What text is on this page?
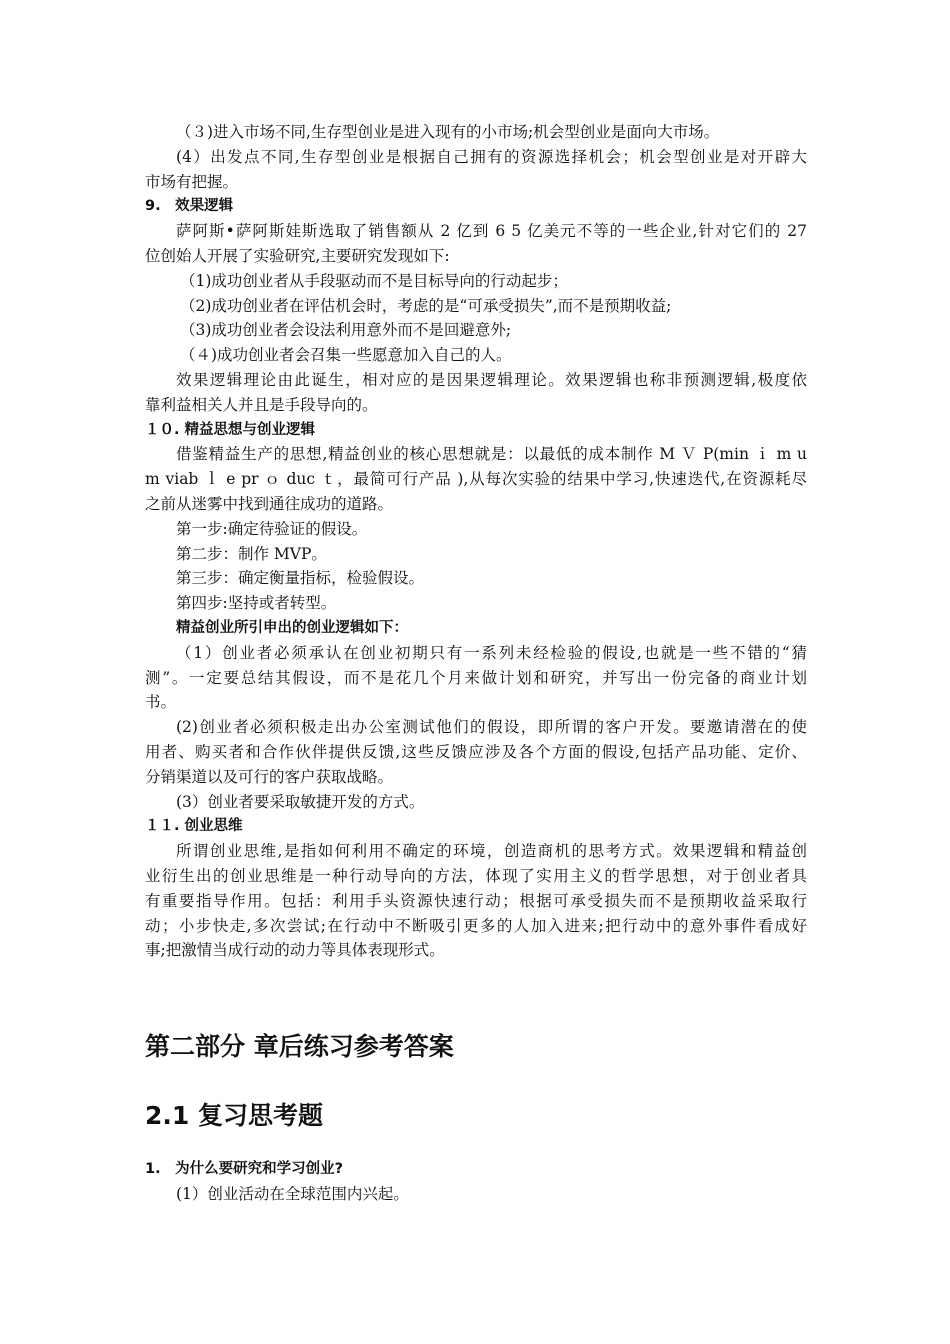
（３)进入市场不同,生存型创业是进入现有的小市场;机会型创业是面向大市场。

(4）出发点不同,生存型创业是根据自己拥有的资源选择机会；机会型创业是对开辟大

市场有把握。

9.　效果逻辑

萨阿斯•萨阿斯娃斯选取了销售额从 2 亿到 6 5 亿美元不等的一些企业,针对它们的 27

位创始人开展了实验研究,主要研究发现如下:

（1)成功创业者从手段驱动而不是目标导向的行动起步；

（2)成功创业者在评估机会时，考虑的是“可承受损失”,而不是预期收益;

（3)成功创业者会设法利用意外而不是回避意外;

（４)成功创业者会召集一些愿意加入自己的人。

效果逻辑理论由此诞生，相对应的是因果逻辑理论。效果逻辑也称非预测逻辑,极度依

靠利益相关人并且是手段导向的。

１０. 精益思想与创业逻辑

借鉴精益生产的思想,精益创业的核心思想就是：以最低的成本制作 M Ｖ P(min ｉ m u

m viab ｌ e pr ｏ duc ｔ，最简可行产品 ),从每次实验的结果中学习,快速迭代,在资源耗尽

之前从迷雾中找到通往成功的道路。

第一步:确定待验证的假设。

第二步：制作 MVP。

第三步：确定衡量指标，检验假设。

第四步:坚持或者转型。

精益创业所引申出的创业逻辑如下：

（1）创业者必须承认在创业初期只有一系列未经检验的假设,也就是一些不错的“猜

测”。一定要总结其假设，而不是花几个月来做计划和研究，并写出一份完备的商业计划

书。

(2)创业者必须积极走出办公室测试他们的假设，即所谓的客户开发。要邀请潜在的使

用者、购买者和合作伙伴提供反馈,这些反馈应涉及各个方面的假设,包括产品功能、定价、

分销渠道以及可行的客户获取战略。

(3）创业者要采取敏捷开发的方式。

１１. 创业思维

所谓创业思维,是指如何利用不确定的环境，创造商机的思考方式。效果逻辑和精益创

业衍生出的创业思维是一种行动导向的方法，体现了实用主义的哲学思想，对于创业者具

有重要指导作用。包括：利用手头资源快速行动；根据可承受损失而不是预期收益采取行

动；小步快走,多次尝试;在行动中不断吸引更多的人加入进来;把行动中的意外事件看成好

事;把激情当成行动的动力等具体表现形式。

第二部分 章后练习参考答案
2.1 复习思考题

1.　为什么要研究和学习创业?

(1）创业活动在全球范围内兴起。
